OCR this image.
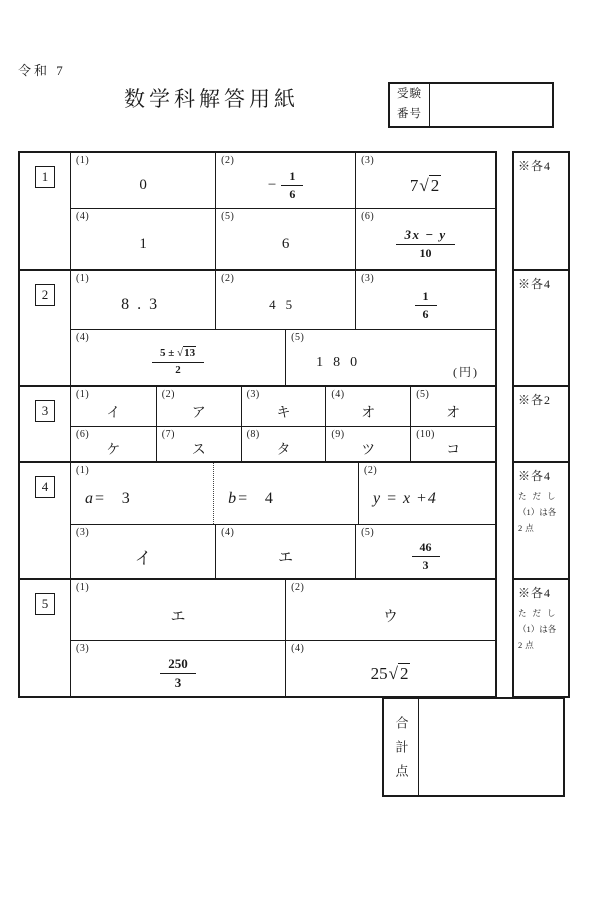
令和 7
数学科解答用紙	受験
番号
1
(1)
0
(2)
− $\frac{1}{6}$
(3)
7√ 2
(4)
1
(5)
6
(6)
$\frac{3x - y}{10}$
2
(1)
8.3
(2)
45
(3)
$\frac{1}{6}$
(4)
$\frac{5 \pm √13}{2}$
(5)
180
(円)
3
(1)
イ
(2)
ア
(3)
キ
(4)
オ
(5)
オ
(6)
ケ
(7)
ス
(8)
タ
(9)
ツ
(10)
コ
4
(1)
a= 3	b= 4
(2)
y = x +4
(3)
イ
(4)
エ
(5)
$\frac{46}{3}$
5
(1)
エ
(2)
ウ
(3)
$\frac{250}{3}$
(4)
25√ 2
※各4
※各4
※各2
※各4
ただし
（1）は各
2点
※各4
ただし
（1）は各
2点
合計点
